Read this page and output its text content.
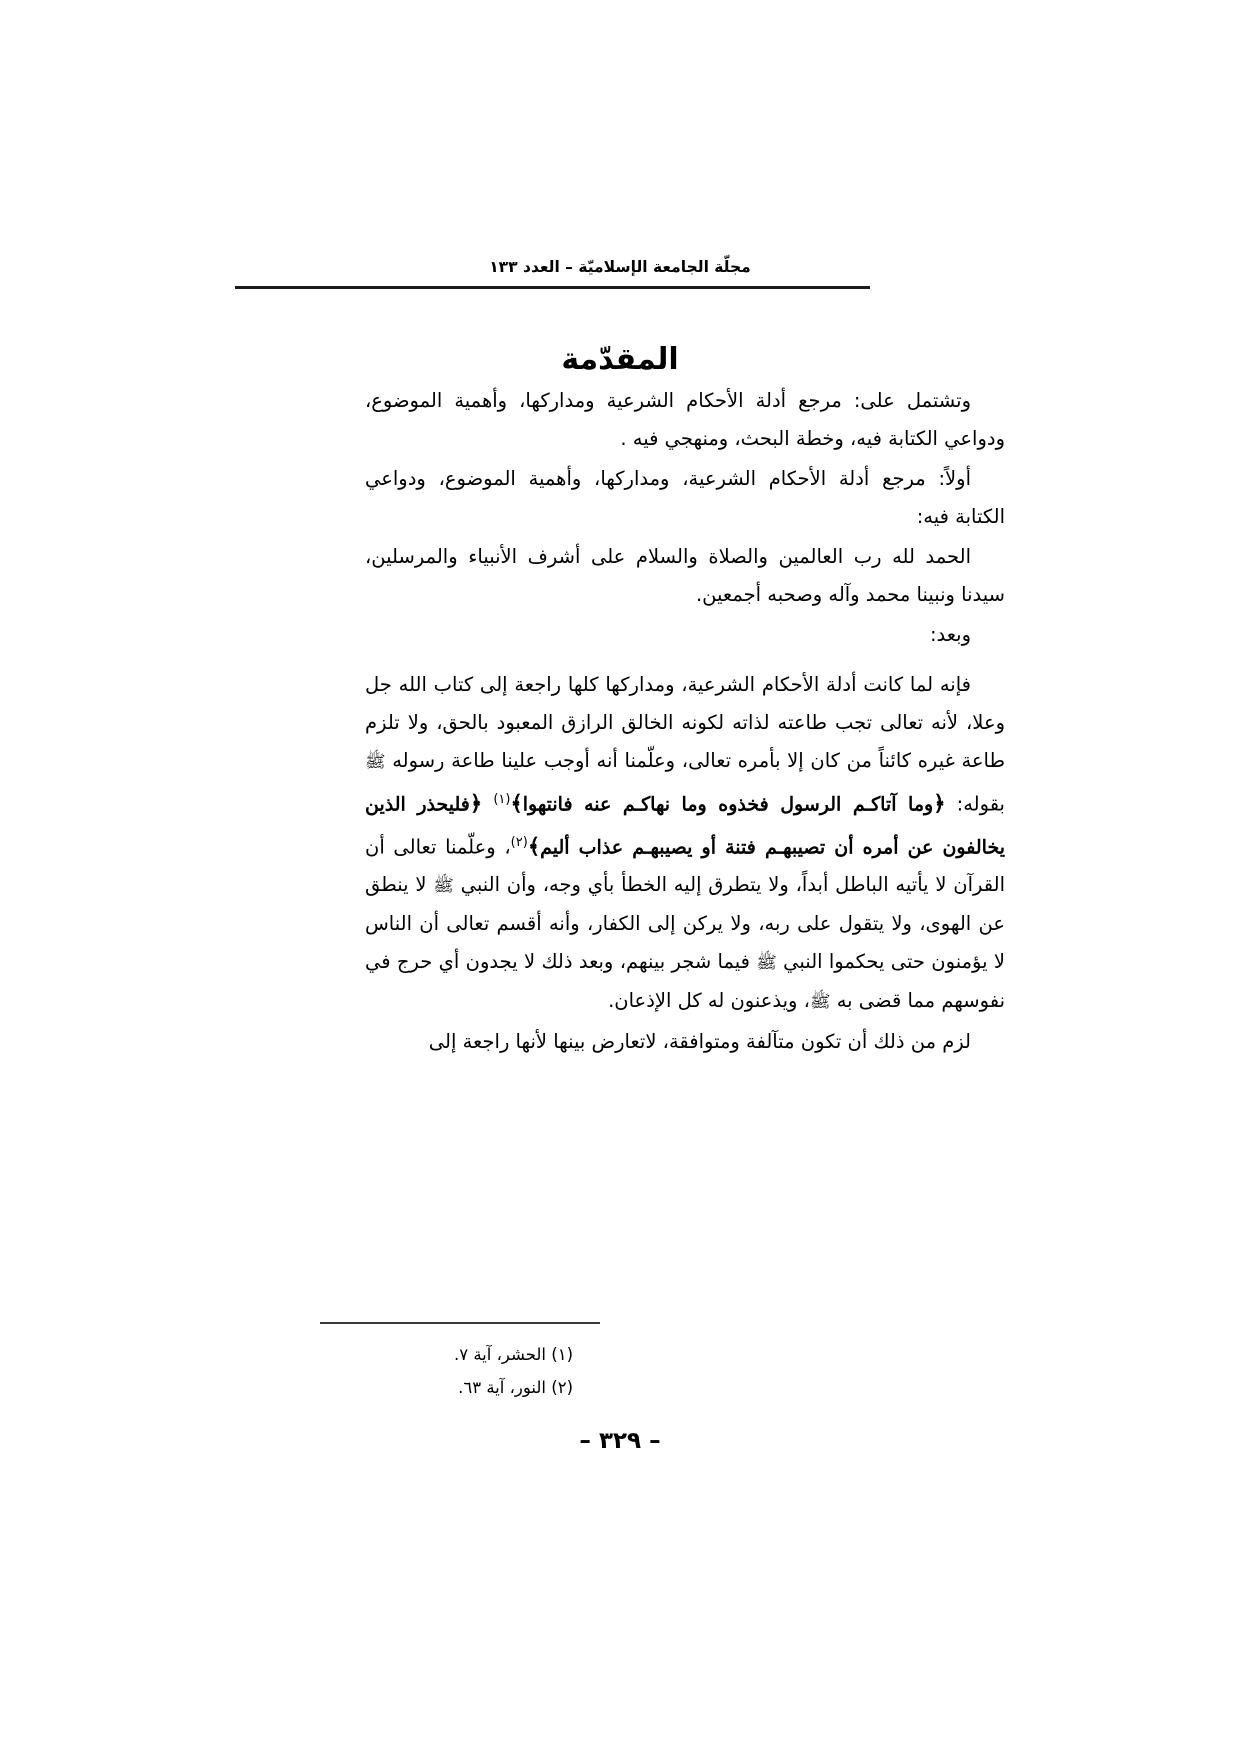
مجلّة الجامعة الإسلاميّة – العدد ١٣٣
المقدّمة

وتشتمل على: مرجع أدلة الأحكام الشرعية ومداركها، وأهمية الموضوع، ودواعي الكتابة فيه، وخطة البحث، ومنهجي فيه .

أولاً: مرجع أدلة الأحكام الشرعية، ومداركها، وأهمية الموضوع، ودواعي الكتابة فيه:

الحمد لله رب العالمين والصلاة والسلام على أشرف الأنبياء والمرسلين، سيدنا ونبينا محمد وآله وصحبه أجمعين.

وبعد:

فإنه لما كانت أدلة الأحكام الشرعية، ومداركها كلها راجعة إلى كتاب الله جل وعلا، لأنه تعالى تجب طاعته لذاته لكونه الخالق الرازق المعبود بالحق، ولا تلزم طاعة غيره كائناً من كان إلا بأمره تعالى، وعلّمنا أنه أوجب علينا طاعة رسوله ﷺ بقوله: ﴿وما آتاكـم الرسول فخذوه وما نهاكـم عنه فانتهوا﴾$^{(١)}$ ﴿فليحذر الذين يخالفون عن أمره أن تصيبهـم فتنة أو يصيبهـم عذاب أليم﴾$^{(٢)}$، وعلّمنا تعالى أن القرآن لا يأتيه الباطل أبداً، ولا يتطرق إليه الخطأ بأي وجه، وأن النبي ﷺ لا ينطق عن الهوى، ولا يتقول على ربه، ولا يركن إلى الكفار، وأنه أقسم تعالى أن الناس لا يؤمنون حتى يحكموا النبي ﷺ فيما شجر بينهم، وبعد ذلك لا يجدون أي حرج في نفوسهم مما قضى به ﷺ، ويذعنون له كل الإذعان.

لزم من ذلك أن تكون متآلفة ومتوافقة، لاتعارض بينها لأنها راجعة إلى

(١) الحشر، آية ٧.

(٢) النور، آية ٦٣.

– ٣٢٩ –
